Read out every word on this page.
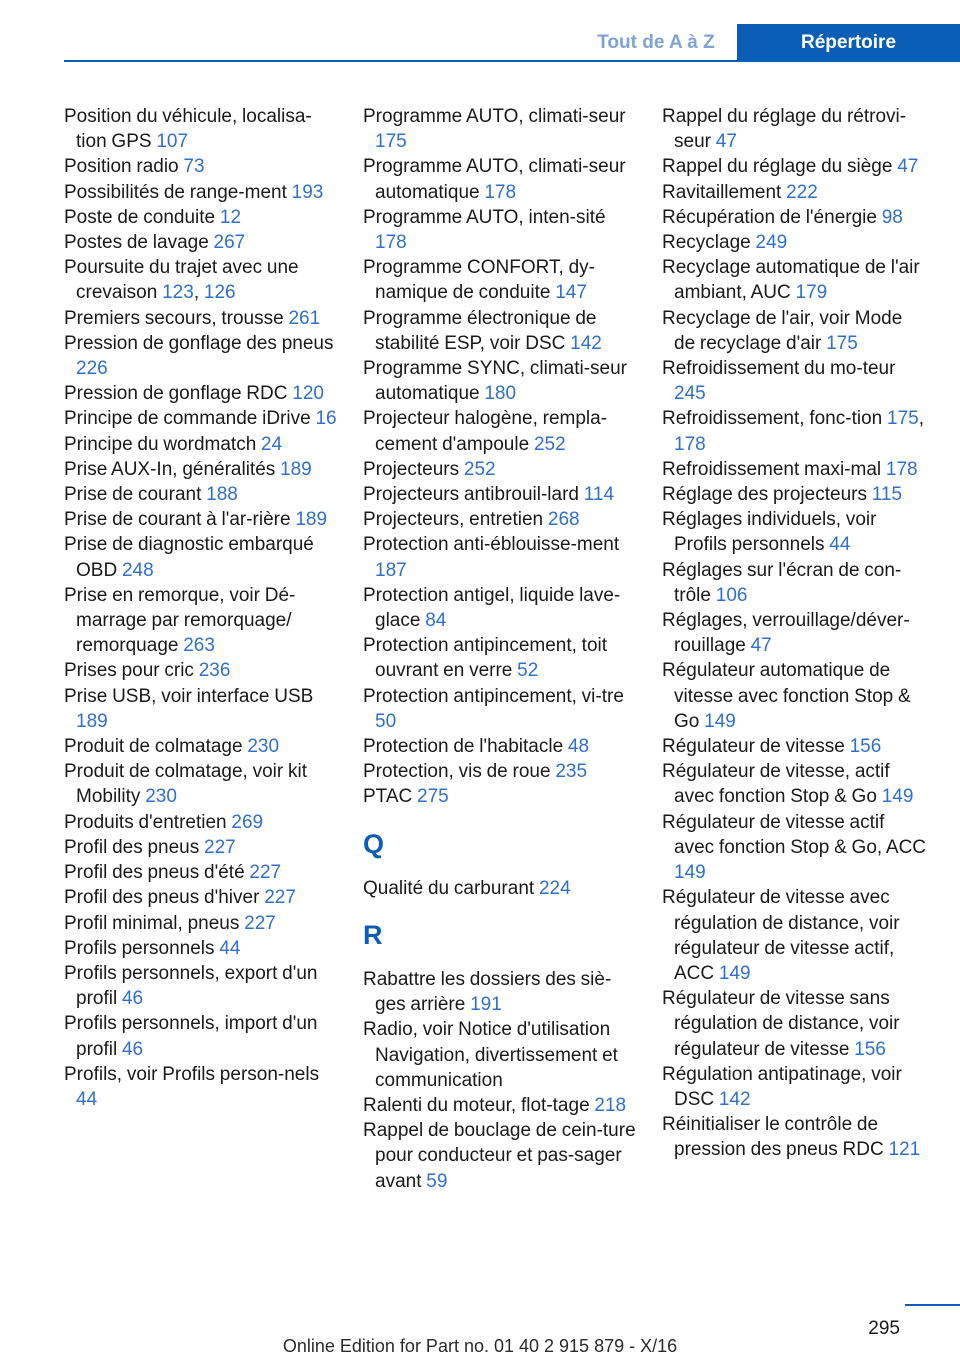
Tout de A à Z	Répertoire
Position du véhicule, localisa-tion GPS 107
Position radio 73
Possibilités de range-ment 193
Poste de conduite 12
Postes de lavage 267
Poursuite du trajet avec une crevaison 123, 126
Premiers secours, trousse 261
Pression de gonflage des pneus 226
Pression de gonflage RDC 120
Principe de commande iDrive 16
Principe du wordmatch 24
Prise AUX-In, généralités 189
Prise de courant 188
Prise de courant à l'ar-rière 189
Prise de diagnostic embarqué OBD 248
Prise en remorque, voir Dé-marrage par remorquage/ remorquage 263
Prises pour cric 236
Prise USB, voir interface USB 189
Produit de colmatage 230
Produit de colmatage, voir kit Mobility 230
Produits d'entretien 269
Profil des pneus 227
Profil des pneus d'été 227
Profil des pneus d'hiver 227
Profil minimal, pneus 227
Profils personnels 44
Profils personnels, export d'un profil 46
Profils personnels, import d'un profil 46
Profils, voir Profils person-nels 44
Programme AUTO, climati-seur 175
Programme AUTO, climati-seur automatique 178
Programme AUTO, inten-sité 178
Programme CONFORT, dy-namique de conduite 147
Programme électronique de stabilité ESP, voir DSC 142
Programme SYNC, climati-seur automatique 180
Projecteur halogène, rempla-cement d'ampoule 252
Projecteurs 252
Projecteurs antibrouil-lard 114
Projecteurs, entretien 268
Protection anti-éblouisse-ment 187
Protection antigel, liquide lave-glace 84
Protection antipincement, toit ouvrant en verre 52
Protection antipincement, vi-tre 50
Protection de l'habitacle 48
Protection, vis de roue 235
PTAC 275
Q
Qualité du carburant 224
R
Rabattre les dossiers des siè-ges arrière 191
Radio, voir Notice d'utilisation Navigation, divertissement et communication
Ralenti du moteur, flot-tage 218
Rappel de bouclage de cein-ture pour conducteur et pas-sager avant 59
Rappel du réglage du rétrovi-seur 47
Rappel du réglage du siège 47
Ravitaillement 222
Récupération de l'énergie 98
Recyclage 249
Recyclage automatique de l'air ambiant, AUC 179
Recyclage de l'air, voir Mode de recyclage d'air 175
Refroidissement du mo-teur 245
Refroidissement, fonc-tion 175, 178
Refroidissement maxi-mal 178
Réglage des projecteurs 115
Réglages individuels, voir Profils personnels 44
Réglages sur l'écran de con-trôle 106
Réglages, verrouillage/déver-rouillage 47
Régulateur automatique de vitesse avec fonction Stop & Go 149
Régulateur de vitesse 156
Régulateur de vitesse, actif avec fonction Stop & Go 149
Régulateur de vitesse actif avec fonction Stop & Go, ACC 149
Régulateur de vitesse avec régulation de distance, voir régulateur de vitesse actif, ACC 149
Régulateur de vitesse sans régulation de distance, voir régulateur de vitesse 156
Régulation antipatinage, voir DSC 142
Réinitialiser le contrôle de pression des pneus RDC 121
295
Online Edition for Part no. 01 40 2 915 879 - X/16
